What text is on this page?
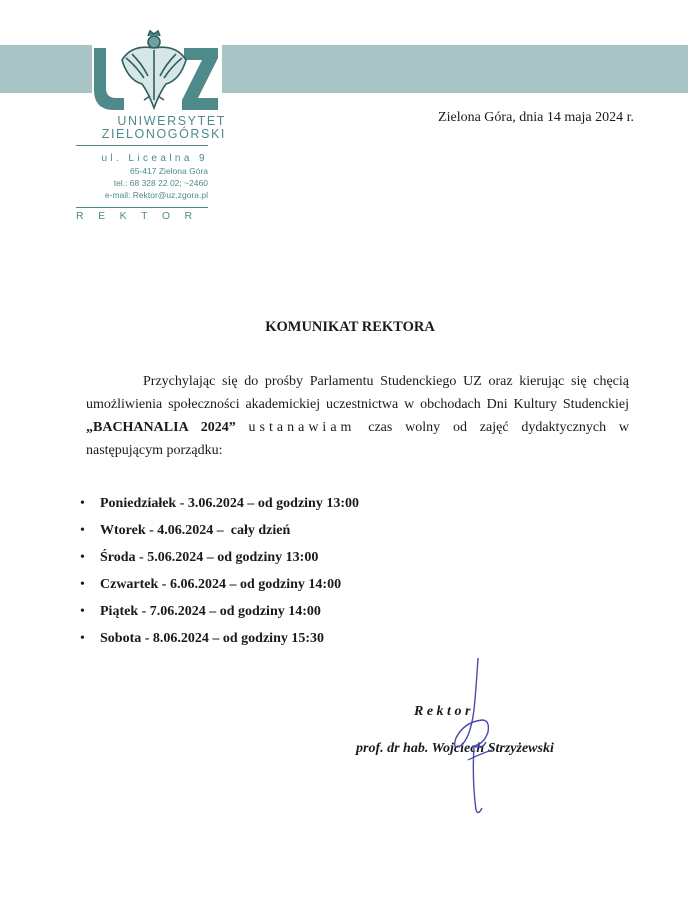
UNIWERSYTET
ZIELONOGÓRSKI
ul. Licealna 9
65-417 Zielona Góra
tel.: 68 328 22 02; ~2460
e-mail: Rektor@uz.zgora.pl
REKTOR
Zielona Góra, dnia 14 maja 2024 r.
KOMUNIKAT REKTORA

Przychylając się do prośby Parlamentu Studenckiego UZ oraz kierując się chęcią umożliwienia społeczności akademickiej uczestnictwa w obchodach Dni Kultury Studenckiej „BACHANALIA 2024” ustanawiam czas wolny od zajęć dydaktycznych w następującym porządku:

• Poniedziałek - 3.06.2024 – od godziny 13:00
• Wtorek - 4.06.2024 –  cały dzień
• Środa - 5.06.2024 – od godziny 13:00
• Czwartek - 6.06.2024 – od godziny 14:00
• Piątek - 7.06.2024 – od godziny 14:00
• Sobota - 8.06.2024 – od godziny 15:30
Rektor
prof. dr hab. Wojciech Strzyżewski
